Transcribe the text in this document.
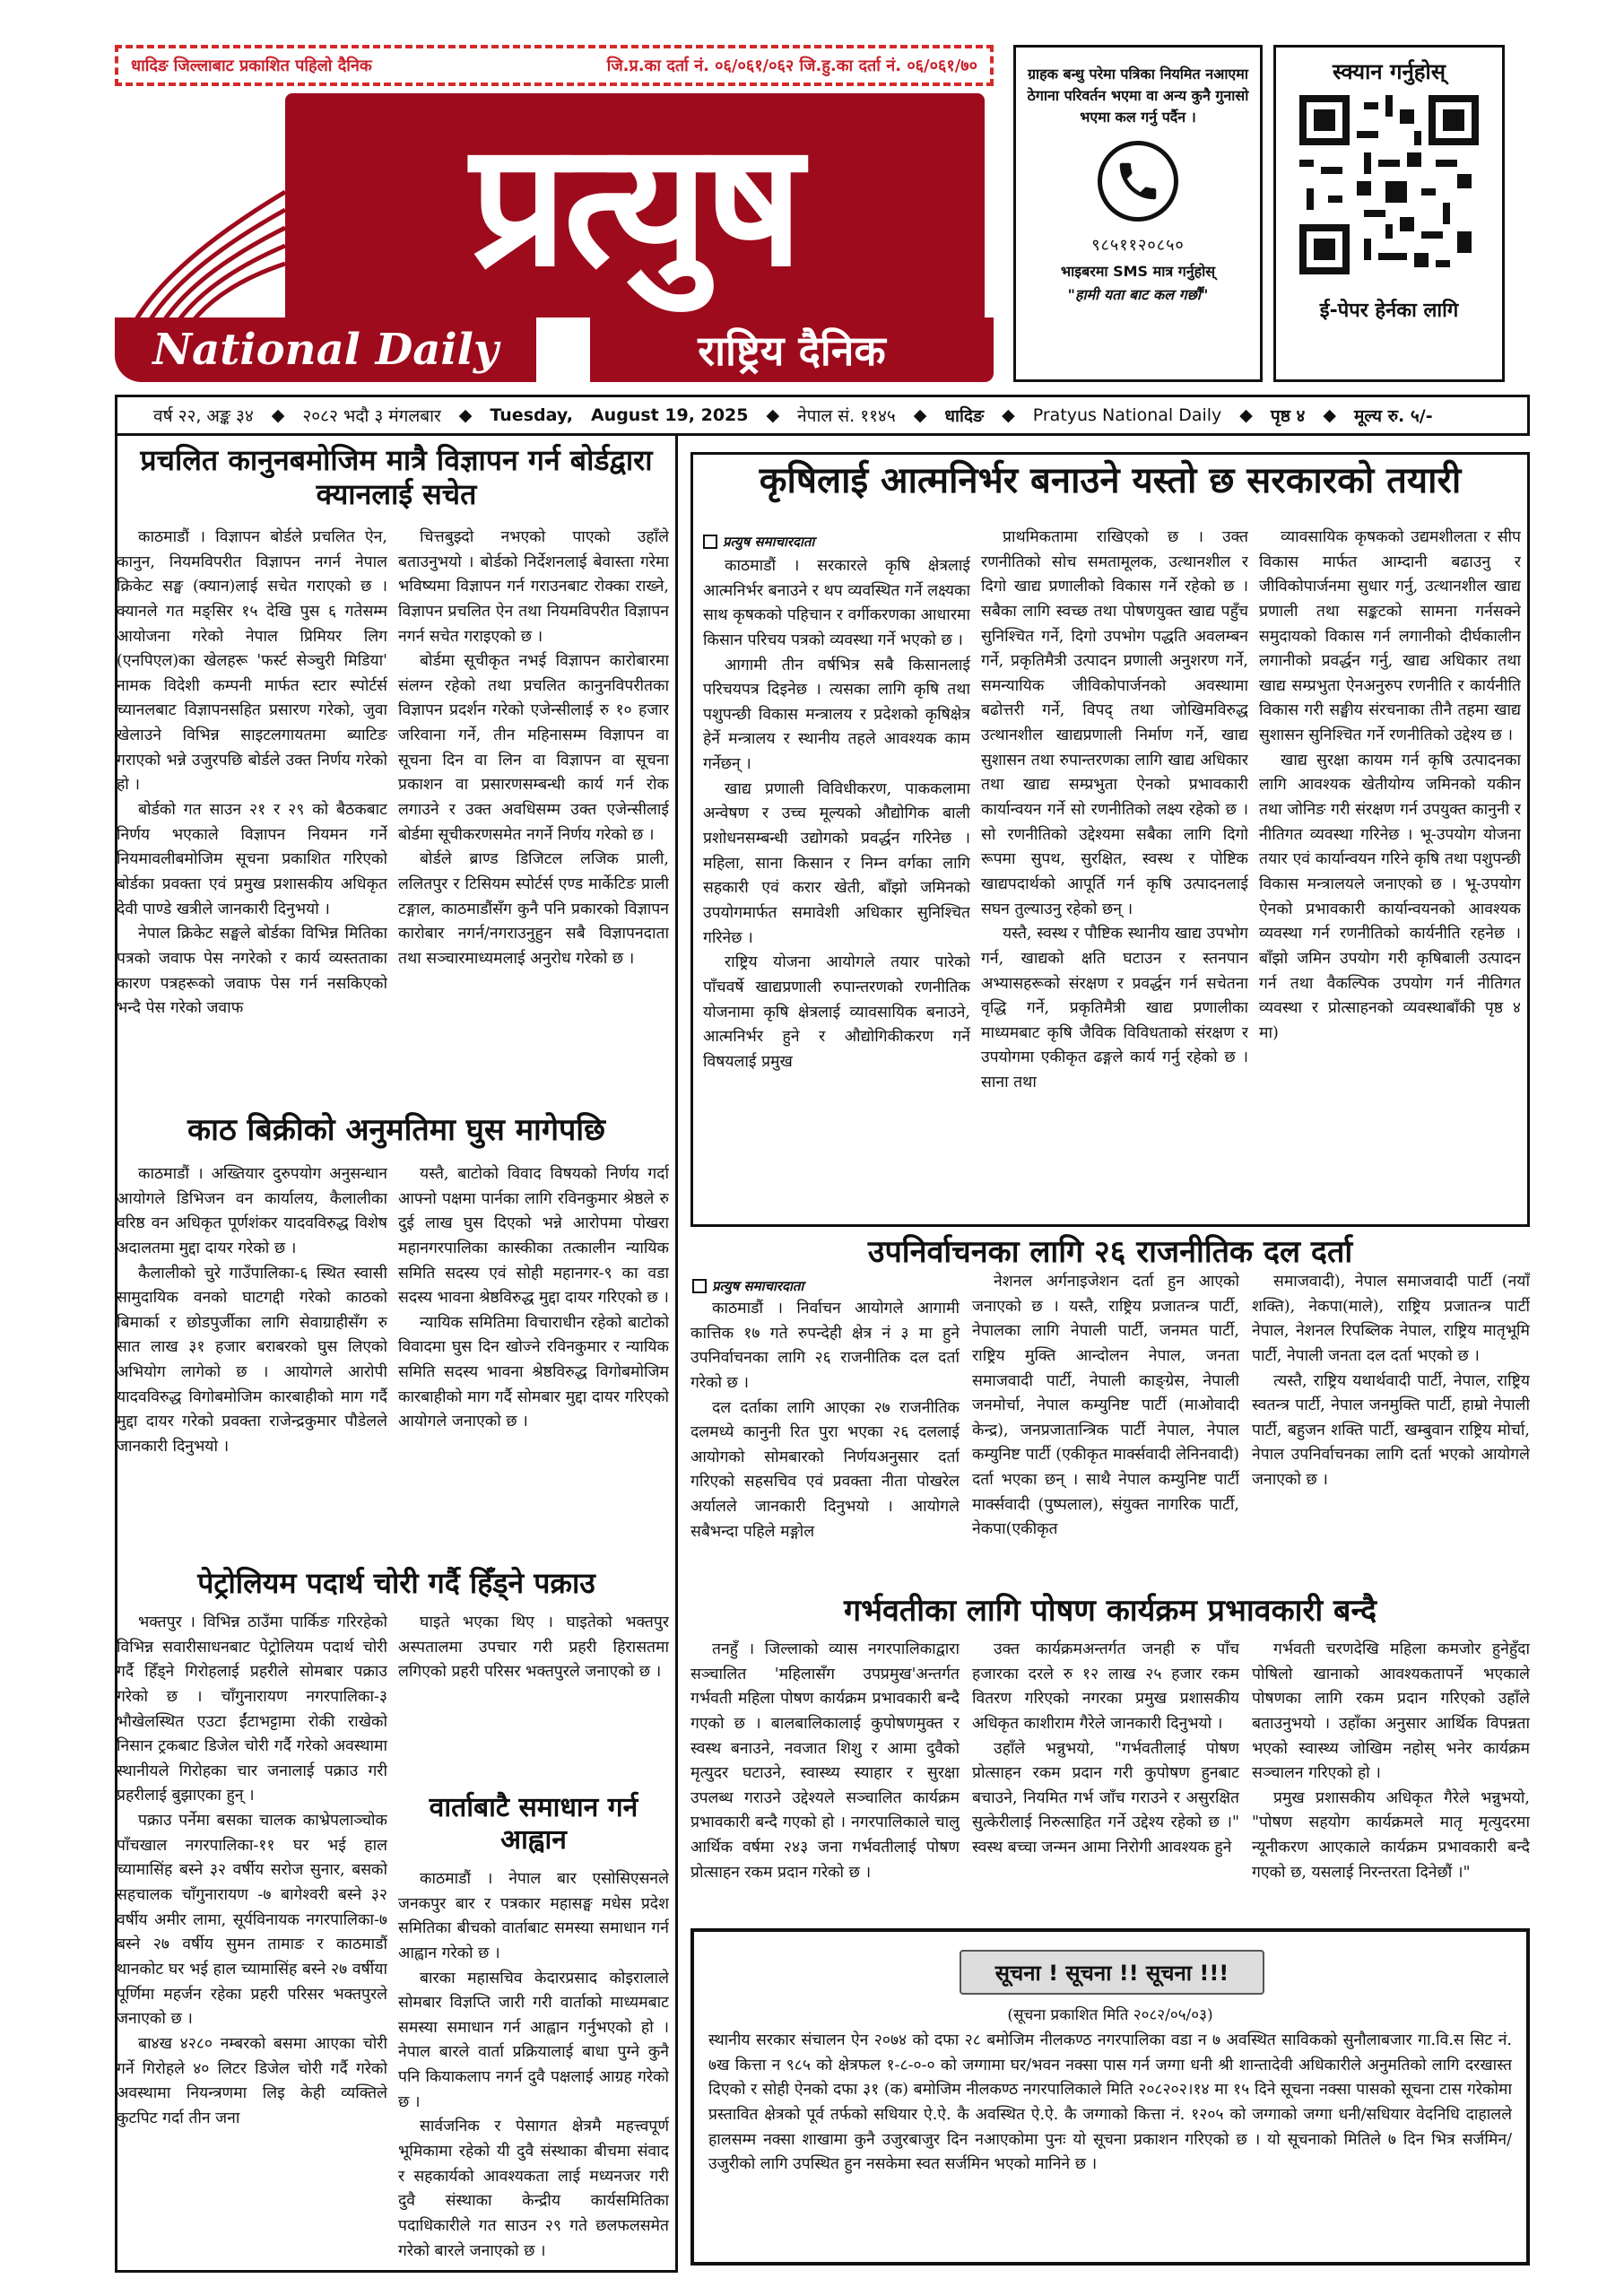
धादिङ जिल्लाबाट प्रकाशित पहिलो दैनिक	जि.प्र.का दर्ता नं. ०६/०६१/०६२ जि.हु.का दर्ता नं. ०६/०६१/७०
प्रत्युष
National Daily	राष्ट्रिय दैनिक
ग्राहक बन्धु परेमा पत्रिका नियमित नआएमा ठेगाना परिवर्तन भएमा वा अन्य कुनै गुनासो भएमा कल गर्नु पर्दैन ।
९८५११२०८५०
भाइबरमा SMS मात्र गर्नुहोस्
"हामी यता बाट कल गर्छौं"
स्क्यान गर्नुहोस्
ई-पेपर हेर्नका लागि
वर्ष २२, अङ्क ३४ ◆ २०८२ भदौ ३ मंगलबार ◆ Tuesday, August 19, 2025 ◆ नेपाल सं. ११४५ ◆ धादिङ ◆ Pratyus National Daily ◆ पृष्ठ ४ ◆ मूल्य रु. ५/-
प्रचलित कानुनबमोजिम मात्रै विज्ञापन गर्न बोर्डद्वारा क्यानलाई सचेत

काठमाडौं । विज्ञापन बोर्डले प्रचलित ऐन, कानुन, नियमविपरीत विज्ञापन नगर्न नेपाल क्रिकेट सङ्घ (क्यान)लाई सचेत गराएको छ । क्यानले गत मङ्सिर १५ देखि पुस ६ गतेसम्म आयोजना गरेको नेपाल प्रिमियर लिग (एनपिएल)का खेलहरू 'फर्स्ट सेञ्चुरी मिडिया' नामक विदेशी कम्पनी मार्फत स्टार स्पोर्टर्स च्यानलबाट विज्ञापनसहित प्रसारण गरेको, जुवा खेलाउने विभिन्न साइटलगायतमा ब्याटिङ गराएको भन्ने उजुरपछि बोर्डले उक्त निर्णय गरेको हो ।

बोर्डको गत साउन २१ र २९ को बैठकबाट निर्णय भएकाले विज्ञापन नियमन गर्ने नियमावलीबमोजिम सूचना प्रकाशित गरिएको बोर्डका प्रवक्ता एवं प्रमुख प्रशासकीय अधिकृत देवी पाण्डे खत्रीले जानकारी दिनुभयो ।

नेपाल क्रिकेट सङ्घले बोर्डका विभिन्न मितिका पत्रको जवाफ पेस नगरेको र कार्य व्यस्तताका कारण पत्रहरूको जवाफ पेस गर्न नसकिएको भन्दै पेस गरेको जवाफ

चित्तबुझ्दो नभएको पाएको उहाँले बताउनुभयो । बोर्डको निर्देशनलाई बेवास्ता गरेमा भविष्यमा विज्ञापन गर्न गराउनबाट रोक्का राख्ने, विज्ञापन प्रचलित ऐन तथा नियमविपरीत विज्ञापन नगर्न सचेत गराइएको छ ।

बोर्डमा सूचीकृत नभई विज्ञापन कारोबारमा संलग्न रहेको तथा प्रचलित कानुनविपरीतका विज्ञापन प्रदर्शन गरेको एजेन्सीलाई रु १० हजार जरिवाना गर्ने, तीन महिनासम्म विज्ञापन वा सूचना दिन वा लिन वा विज्ञापन वा सूचना प्रकाशन वा प्रसारणसम्बन्धी कार्य गर्न रोक लगाउने र उक्त अवधिसम्म उक्त एजेन्सीलाई बोर्डमा सूचीकरणसमेत नगर्ने निर्णय गरेको छ ।

बोर्डले ब्राण्ड डिजिटल लजिक प्राली, ललितपुर र टिसियम स्पोर्टर्स एण्ड मार्केटिङ प्राली टङ्गाल, काठमाडौंसँग कुनै पनि प्रकारको विज्ञापन कारोबार नगर्न/नगराउनुहुन सबै विज्ञापनदाता तथा सञ्चारमाध्यमलाई अनुरोध गरेको छ ।

काठ बिक्रीको अनुमतिमा घुस मागेपछि

काठमाडौं । अख्तियार दुरुपयोग अनुसन्धान आयोगले डिभिजन वन कार्यालय, कैलालीका वरिष्ठ वन अधिकृत पूर्णशंकर यादवविरुद्ध विशेष अदालतमा मुद्दा दायर गरेको छ ।

कैलालीको चुरे गाउँपालिका-६ स्थित स्वासी सामुदायिक वनको घाटगद्दी गरेको काठको बिमार्का र छोडपुर्जीका लागि सेवाग्राहीसँग रु सात लाख ३१ हजार बराबरको घुस लिएको अभियोग लागेको छ । आयोगले आरोपी यादवविरुद्ध विगोबमोजिम कारबाहीको माग गर्दै मुद्दा दायर गरेको प्रवक्ता राजेन्द्रकुमार पौडेलले जानकारी दिनुभयो ।

यस्तै, बाटोको विवाद विषयको निर्णय गर्दा आफ्नो पक्षमा पार्नका लागि रविनकुमार श्रेष्ठले रु दुई लाख घुस दिएको भन्ने आरोपमा पोखरा महानगरपालिका कास्कीका तत्कालीन न्यायिक समिति सदस्य एवं सोही महानगर-९ का वडा सदस्य भावना श्रेष्ठविरुद्ध मुद्दा दायर गरिएको छ ।

न्यायिक समितिमा विचाराधीन रहेको बाटोको विवादमा घुस दिन खोज्ने रविनकुमार र न्यायिक समिति सदस्य भावना श्रेष्ठविरुद्ध विगोबमोजिम कारबाहीको माग गर्दै सोमबार मुद्दा दायर गरिएको आयोगले जनाएको छ ।

पेट्रोलियम पदार्थ चोरी गर्दै हिँड्ने पक्राउ

भक्तपुर । विभिन्न ठाउँमा पार्किङ गरिरहेको विभिन्न सवारीसाधनबाट पेट्रोलियम पदार्थ चोरी गर्दै हिँड्ने गिरोहलाई प्रहरीले सोमबार पक्राउ गरेको छ । चाँगुनारायण नगरपालिका-३ भौखेलस्थित एउटा ईंटाभट्टामा रोकी राखेको निसान ट्रकबाट डिजेल चोरी गर्दै गरेको अवस्थामा स्थानीयले गिरोहका चार जनालाई पक्राउ गरी प्रहरीलाई बुझाएका हुन् ।

पक्राउ पर्नेमा बसका चालक काभ्रेपलाञ्चोक पाँचखाल नगरपालिका-११ घर भई हाल च्यामासिंह बस्ने ३२ वर्षीय सरोज सुनार, बसको सहचालक चाँगुनारायण -७ बागेश्वरी बस्ने ३२ वर्षीय अमीर लामा, सूर्यविनायक नगरपालिका-७ बस्ने २७ वर्षीय सुमन तामाङ र काठमाडौं थानकोट घर भई हाल च्यामासिंह बस्ने २७ वर्षीया पूर्णिमा महर्जन रहेका प्रहरी परिसर भक्तपुरले जनाएको छ ।

बा४ख ४२८० नम्बरको बसमा आएका चोरी गर्ने गिरोहले ४० लिटर डिजेल चोरी गर्दै गरेको अवस्थामा नियन्त्रणमा लिइ केही व्यक्तिले कुटपिट गर्दा तीन जना

घाइते भएका थिए । घाइतेको भक्तपुर अस्पतालमा उपचार गरी प्रहरी हिरासतमा लगिएको प्रहरी परिसर भक्तपुरले जनाएको छ ।

वार्ताबाटै समाधान गर्न आह्वान

काठमाडौं । नेपाल बार एसोसिएसनले जनकपुर बार र पत्रकार महासङ्घ मधेस प्रदेश समितिका बीचको वार्ताबाट समस्या समाधान गर्न आह्वान गरेको छ ।

बारका महासचिव केदारप्रसाद कोइरालाले सोमबार विज्ञप्ति जारी गरी वार्ताको माध्यमबाट समस्या समाधान गर्न आह्वान गर्नुभएको हो । नेपाल बारले वार्ता प्रक्रियालाई बाधा पुग्ने कुनै पनि कियाकलाप नगर्न दुवै पक्षलाई आग्रह गरेको छ ।

सार्वजनिक र पेसागत क्षेत्रमै महत्त्वपूर्ण भूमिकामा रहेको यी दुवै संस्थाका बीचमा संवाद र सहकार्यको आवश्यकता लाई मध्यनजर गरी दुवै संस्थाका केन्द्रीय कार्यसमितिका पदाधिकारीले गत साउन २९ गते छलफलसमेत गरेको बारले जनाएको छ ।

कृषिलाई आत्मनिर्भर बनाउने यस्तो छ सरकारको तयारी
प्रत्युष समाचारदाता

काठमाडौं । सरकारले कृषि क्षेत्रलाई आत्मनिर्भर बनाउने र थप व्यवस्थित गर्ने लक्ष्यका साथ कृषकको पहिचान र वर्गीकरणका आधारमा किसान परिचय पत्रको व्यवस्था गर्ने भएको छ ।

आगामी तीन वर्षभित्र सबै किसानलाई परिचयपत्र दिइनेछ । त्यसका लागि कृषि तथा पशुपन्छी विकास मन्त्रालय र प्रदेशको कृषिक्षेत्र हेर्ने मन्त्रालय र स्थानीय तहले आवश्यक काम गर्नेछन् ।

खाद्य प्रणाली विविधीकरण, पाककलामा अन्वेषण र उच्च मूल्यको औद्योगिक बाली प्रशोधनसम्बन्धी उद्योगको प्रवर्द्धन गरिनेछ । महिला, साना किसान र निम्न वर्गका लागि सहकारी एवं करार खेती, बाँझो जमिनको उपयोगमार्फत समावेशी अधिकार सुनिश्चित गरिनेछ ।

राष्ट्रिय योजना आयोगले तयार पारेको पाँचवर्षे खाद्यप्रणाली रुपान्तरणको रणनीतिक योजनामा कृषि क्षेत्रलाई व्यावसायिक बनाउने, आत्मनिर्भर हुने र औद्योगिकीकरण गर्ने विषयलाई प्रमुख

प्राथमिकतामा राखिएको छ । उक्त रणनीतिको सोच समतामूलक, उत्थानशील र दिगो खाद्य प्रणालीको विकास गर्ने रहेको छ । सबैका लागि स्वच्छ तथा पोषणयुक्त खाद्य पहुँच सुनिश्चित गर्ने, दिगो उपभोग पद्धति अवलम्बन गर्ने, प्रकृतिमैत्री उत्पादन प्रणाली अनुशरण गर्ने, समन्यायिक जीविकोपार्जनको अवस्थामा बढोत्तरी गर्ने, विपद् तथा जोखिमविरुद्ध उत्थानशील खाद्यप्रणाली निर्माण गर्ने, खाद्य सुशासन तथा रुपान्तरणका लागि खाद्य अधिकार तथा खाद्य सम्प्रभुता ऐनको प्रभावकारी कार्यान्वयन गर्ने सो रणनीतिको लक्ष्य रहेको छ । सो रणनीतिको उद्देश्यमा सबैका लागि दिगो रूपमा सुपथ, सुरक्षित, स्वस्थ र पोष्टिक खाद्यपदार्थको आपूर्ति गर्न कृषि उत्पादनलाई सघन तुल्याउनु रहेको छन् ।

यस्तै, स्वस्थ र पौष्टिक स्थानीय खाद्य उपभोग गर्न, खाद्यको क्षति घटाउन र स्तनपान अभ्यासहरूको संरक्षण र प्रवर्द्धन गर्न सचेतना वृद्धि गर्ने, प्रकृतिमैत्री खाद्य प्रणालीका माध्यमबाट कृषि जैविक विविधताको संरक्षण र उपयोगमा एकीकृत ढङ्गले कार्य गर्नु रहेको छ । साना तथा

व्यावसायिक कृषकको उद्यमशीलता र सीप विकास मार्फत आम्दानी बढाउनु र जीविकोपार्जनमा सुधार गर्नु, उत्थानशील खाद्य प्रणाली तथा सङ्कटको सामना गर्नसक्ने समुदायको विकास गर्न लगानीको दीर्घकालीन लगानीको प्रवर्द्धन गर्नु, खाद्य अधिकार तथा खाद्य सम्प्रभुता ऐनअनुरुप रणनीति र कार्यनीति विकास गरी सङ्घीय संरचनाका तीनै तहमा खाद्य सुशासन सुनिश्चित गर्ने रणनीतिको उद्देश्य छ ।

खाद्य सुरक्षा कायम गर्न कृषि उत्पादनका लागि आवश्यक खेतीयोग्य जमिनको यकीन तथा जोनिङ गरी संरक्षण गर्न उपयुक्त कानुनी र नीतिगत व्यवस्था गरिनेछ । भू-उपयोग योजना तयार एवं कार्यान्वयन गरिने कृषि तथा पशुपन्छी विकास मन्त्रालयले जनाएको छ । भू-उपयोग ऐनको प्रभावकारी कार्यान्वयनको आवश्यक व्यवस्था गर्न रणनीतिको कार्यनीति रहनेछ । बाँझो जमिन उपयोग गरी कृषिबाली उत्पादन गर्न तथा वैकल्पिक उपयोग गर्न नीतिगत व्यवस्था र प्रोत्साहनको व्यवस्थाबाँकी पृष्ठ ४ मा)

उपनिर्वाचनका लागि २६ राजनीतिक दल दर्ता
प्रत्युष समाचारदाता

काठमाडौं । निर्वाचन आयोगले आगामी कात्तिक १७ गते रुपन्देही क्षेत्र नं ३ मा हुने उपनिर्वाचनका लागि २६ राजनीतिक दल दर्ता गरेको छ ।

दल दर्ताका लागि आएका २७ राजनीतिक दलमध्ये कानुनी रित पुरा भएका २६ दललाई आयोगको सोमबारको निर्णयअनुसार दर्ता गरिएको सहसचिव एवं प्रवक्ता नीता पोखरेल अर्यालले जानकारी दिनुभयो । आयोगले सबैभन्दा पहिले मङ्गोल

नेशनल अर्गनाइजेशन दर्ता हुन आएको जनाएको छ । यस्तै, राष्ट्रिय प्रजातन्त्र पार्टी, नेपालका लागि नेपाली पार्टी, जनमत पार्टी, राष्ट्रिय मुक्ति आन्दोलन नेपाल, जनता समाजवादी पार्टी, नेपाली काङ्ग्रेस, नेपाली जनमोर्चा, नेपाल कम्युनिष्ट पार्टी (माओवादी केन्द्र), जनप्रजातान्त्रिक पार्टी नेपाल, नेपाल कम्युनिष्ट पार्टी (एकीकृत मार्क्सवादी लेनिनवादी) दर्ता भएका छन् । साथै नेपाल कम्युनिष्ट पार्टी मार्क्सवादी (पुष्पलाल), संयुक्त नागरिक पार्टी, नेकपा(एकीकृत

समाजवादी), नेपाल समाजवादी पार्टी (नयाँ शक्ति), नेकपा(माले), राष्ट्रिय प्रजातन्त्र पार्टी नेपाल, नेशनल रिपब्लिक नेपाल, राष्ट्रिय मातृभूमि पार्टी, नेपाली जनता दल दर्ता भएको छ ।

त्यस्तै, राष्ट्रिय यथार्थवादी पार्टी, नेपाल, राष्ट्रिय स्वतन्त्र पार्टी, नेपाल जनमुक्ति पार्टी, हाम्रो नेपाली पार्टी, बहुजन शक्ति पार्टी, खम्बुवान राष्ट्रिय मोर्चा, नेपाल उपनिर्वाचनका लागि दर्ता भएको आयोगले जनाएको छ ।

गर्भवतीका लागि पोषण कार्यक्रम प्रभावकारी बन्दै

तनहुँ । जिल्लाको व्यास नगरपालिकाद्वारा सञ्चालित 'महिलासँग उपप्रमुख'अन्तर्गत गर्भवती महिला पोषण कार्यक्रम प्रभावकारी बन्दै गएको छ । बालबालिकालाई कुपोषणमुक्त र स्वस्थ बनाउने, नवजात शिशु र आमा दुवैको मृत्युदर घटाउने, स्वास्थ्य स्याहार र सुरक्षा उपलब्ध गराउने उद्देश्यले सञ्चालित कार्यक्रम प्रभावकारी बन्दै गएको हो । नगरपालिकाले चालु आर्थिक वर्षमा २४३ जना गर्भवतीलाई पोषण प्रोत्साहन रकम प्रदान गरेको छ ।

उक्त कार्यक्रमअन्तर्गत जनही रु पाँच हजारका दरले रु १२ लाख २५ हजार रकम वितरण गरिएको नगरका प्रमुख प्रशासकीय अधिकृत काशीराम गैरेले जानकारी दिनुभयो ।

उहाँले भन्नुभयो, "गर्भवतीलाई पोषण प्रोत्साहन रकम प्रदान गरी कुपोषण हुनबाट बचाउने, नियमित गर्भ जाँच गराउने र असुरक्षित सुत्केरीलाई निरुत्साहित गर्ने उद्देश्य रहेको छ ।" स्वस्थ बच्चा जन्मन आमा निरोगी आवश्यक हुने

गर्भवती चरणदेखि महिला कमजोर हुनेहुँदा पोषिलो खानाको आवश्यकतापर्ने भएकाले पोषणका लागि रकम प्रदान गरिएको उहाँले बताउनुभयो । उहाँका अनुसार आर्थिक विपन्नता भएको स्वास्थ्य जोखिम नहोस् भनेर कार्यक्रम सञ्चालन गरिएको हो ।

प्रमुख प्रशासकीय अधिकृत गैरेले भन्नुभयो, "पोषण सहयोग कार्यक्रमले मातृ मृत्युदरमा न्यूनीकरण आएकाले कार्यक्रम प्रभावकारी बन्दै गएको छ, यसलाई निरन्तरता दिनेछौं ।"

सूचना ! सूचना !! सूचना !!!
(सूचना प्रकाशित मिति २०८२/०५/०३)
स्थानीय सरकार संचालन ऐन २०७४ को दफा २८ बमोजिम नीलकण्ठ नगरपालिका वडा न ७ अवस्थित साविकको सुनौलाबजार गा.वि.स सिट नं. ७ख कित्ता न ९८५ को क्षेत्रफल १-८-०-० को जग्गामा घर/भवन नक्सा पास गर्न जग्गा धनी श्री शान्तादेवी अधिकारीले अनुमतिको लागि दरखास्त दिएको र सोही ऐनको दफा ३१ (क) बमोजिम नीलकण्ठ नगरपालिकाले मिति २०८२०२।१४ मा १५ दिने सूचना नक्सा पासको सूचना टास गरेकोमा प्रस्तावित क्षेत्रको पूर्व तर्फको सधियार ऐ.ऐ. कै अवस्थित ऐ.ऐ. कै जग्गाको कित्ता नं. १२०५ को जग्गाको जग्गा धनी/सधियार वेदनिधि दाहालले हालसम्म नक्सा शाखामा कुनै उजुरबाजुर दिन नआएकोमा पुनः यो सूचना प्रकाशन गरिएको छ । यो सूचनाको मितिले ७ दिन भित्र सर्जमिन/उजुरीको लागि उपस्थित हुन नसकेमा स्वत सर्जमिन भएको मानिने छ ।
